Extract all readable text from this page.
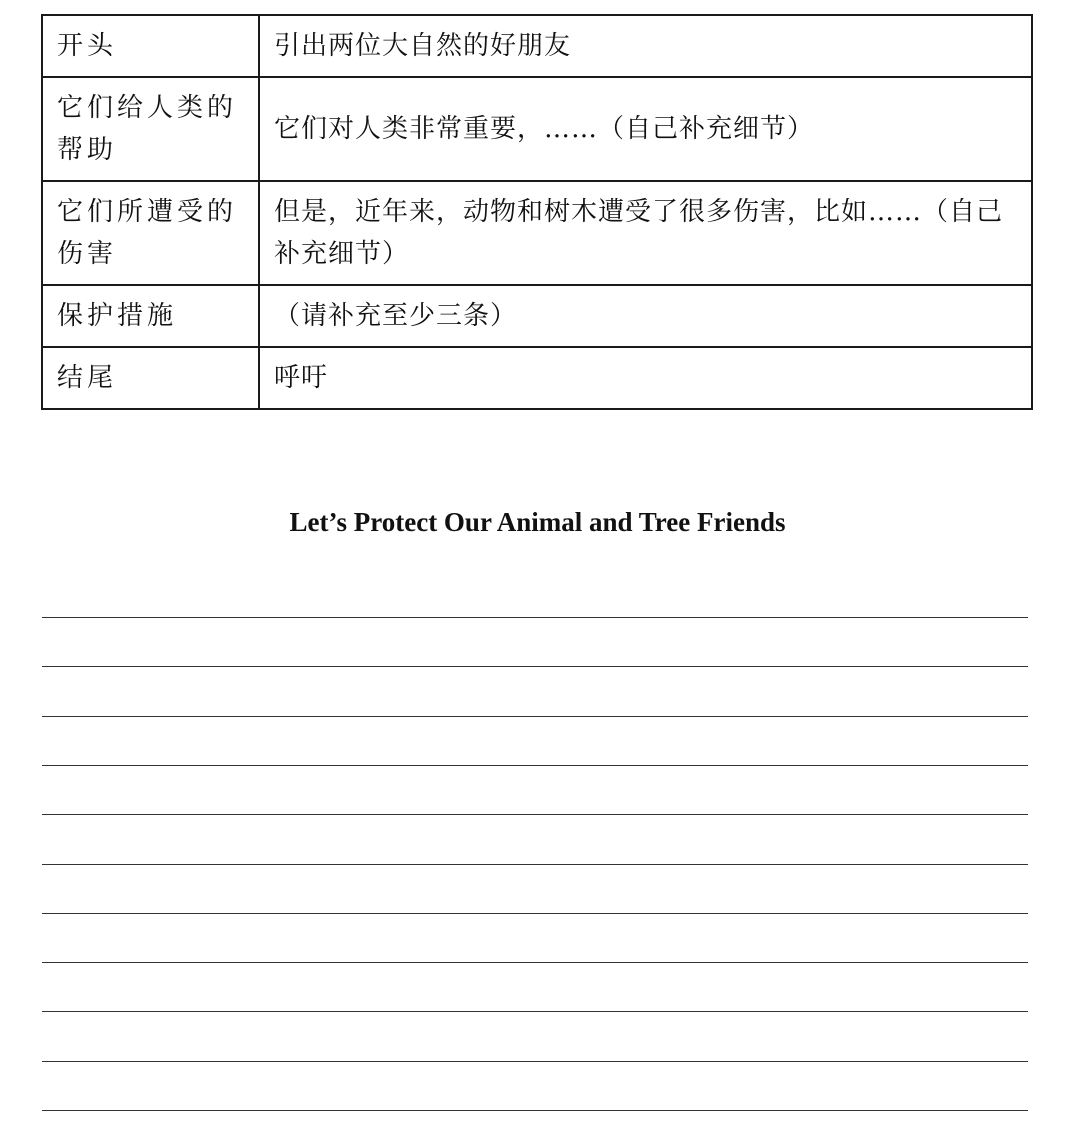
开头	引出两位大自然的好朋友
它们给人类的帮助	它们对人类非常重要，……（自己补充细节）
它们所遭受的伤害	但是，近年来，动物和树木遭受了很多伤害，比如……（自己补充细节）
保护措施	（请补充至少三条）
结尾	呼吁
Let’s Protect Our Animal and Tree Friends
